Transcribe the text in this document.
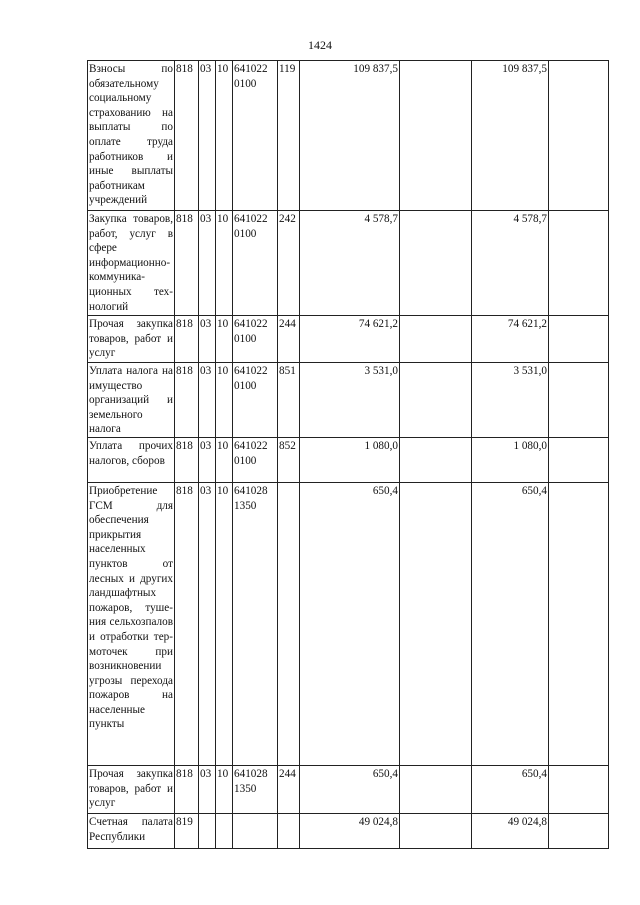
1424
Взносы по обязательному социальному страхованию на выплаты по оплате труда работников и иные выплаты работникам учреждений	818	03	10	641022 0100	119	109 837,5		109 837,5	
Закупка товаров, работ, услуг в сфере информационно-коммуникационных технологий	818	03	10	641022 0100	242	4 578,7		4 578,7	
Прочая закупка товаров, работ и услуг	818	03	10	641022 0100	244	74 621,2		74 621,2	
Уплата налога на имущество организаций и земельного налога	818	03	10	641022 0100	851	3 531,0		3 531,0	
Уплата прочих налогов, сборов	818	03	10	641022 0100	852	1 080,0		1 080,0	
Приобретение ГСМ для обеспечения прикрытия населенных пунктов от лесных и других ландшафтных пожаров, тушения сельхозпалов и отработки термоточек при возникновении угрозы перехода пожаров на населенные пункты	818	03	10	641028 1350		650,4		650,4	
Прочая закупка товаров, работ и услуг	818	03	10	641028 1350	244	650,4		650,4	
Счетная палата Республики	819					49 024,8		49 024,8	
